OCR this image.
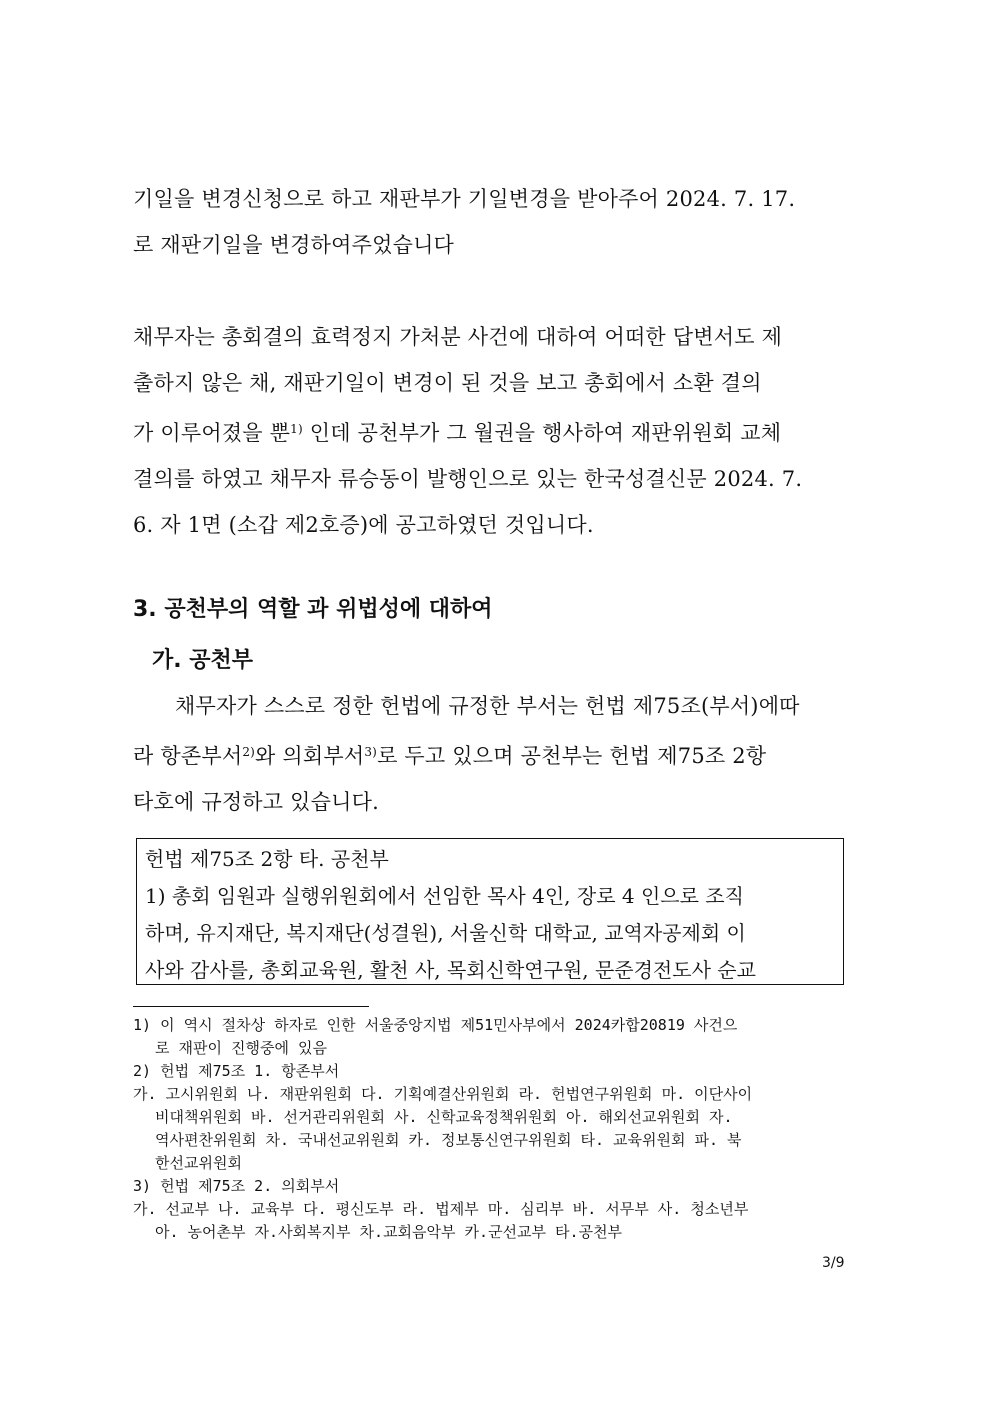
기일을 변경신청으로 하고 재판부가 기일변경을 받아주어 2024. 7. 17.
로 재판기일을 변경하여주었습니다
채무자는 총회결의 효력정지 가처분 사건에 대하여 어떠한 답변서도 제
출하지 않은 채, 재판기일이 변경이 된 것을 보고 총회에서 소환 결의
가 이루어졌을 뿐$^{1)}$ 인데 공천부가 그 월권을 행사하여 재판위원회 교체
결의를 하였고 채무자 류승동이 발행인으로 있는 한국성결신문 2024. 7.
6. 자 1면 (소갑 제2호증)에 공고하였던 것입니다.
3. 공천부의 역할 과 위법성에 대하여
가. 공천부
채무자가 스스로 정한 헌법에 규정한 부서는 헌법 제75조(부서)에따
라 항존부서$^{2)}$와 의회부서$^{3)}$로 두고 있으며 공천부는 헌법 제75조 2항
타호에 규정하고 있습니다.
헌법 제75조 2항 타. 공천부
1) 총회 임원과 실행위원회에서 선임한 목사 4인, 장로 4 인으로 조직
하며, 유지재단, 복지재단(성결원), 서울신학 대학교, 교역자공제회 이
사와 감사를, 총회교육원, 활천 사, 목회신학연구원, 문준경전도사 순교
1) 이 역시 절차상 하자로 인한 서울중앙지법 제51민사부에서 2024카합20819 사건으
로 재판이 진행중에 있음
2) 헌법 제75조 1. 항존부서
가. 고시위원회 나. 재판위원회 다. 기획예결산위원회 라. 헌법연구위원회 마. 이단사이
비대책위원회 바. 선거관리위원회 사. 신학교육정책위원회 아. 해외선교위원회 자.
역사편찬위원회 차. 국내선교위원회 카. 정보통신연구위원회 타. 교육위원회 파. 북
한선교위원회
3) 헌법 제75조 2. 의회부서
가. 선교부 나. 교육부 다. 평신도부 라. 법제부 마. 심리부 바. 서무부 사. 청소년부
아. 농어촌부 자.사회복지부 차.교회음악부 카.군선교부 타.공천부
3/9
